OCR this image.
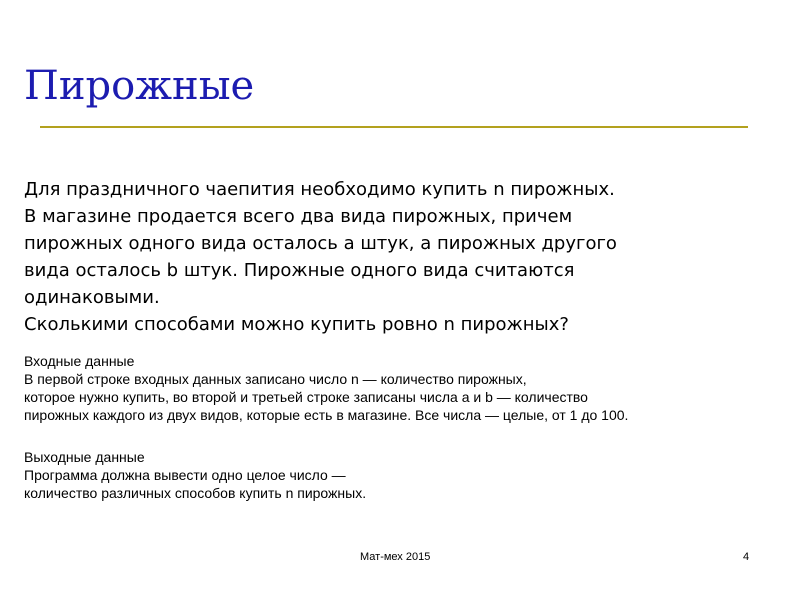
Пирожные

Для праздничного чаепития необходимо купить n пирожных.

В магазине продается всего два вида пирожных, причем

пирожных одного вида осталось a штук, а пирожных другого

вида осталось b штук. Пирожные одного вида считаются

одинаковыми.

Сколькими способами можно купить ровно n пирожных?

Входные данные

В первой строке входных данных записано число n — количество пирожных,

которое нужно купить, во второй и третьей строке записаны числа a и b — количество

пирожных каждого из двух видов, которые есть в магазине. Все числа — целые, от 1 до 100.

Выходные данные

Программа должна вывести одно целое число —

количество различных способов купить n пирожных.

Мат-мех 2015	4
